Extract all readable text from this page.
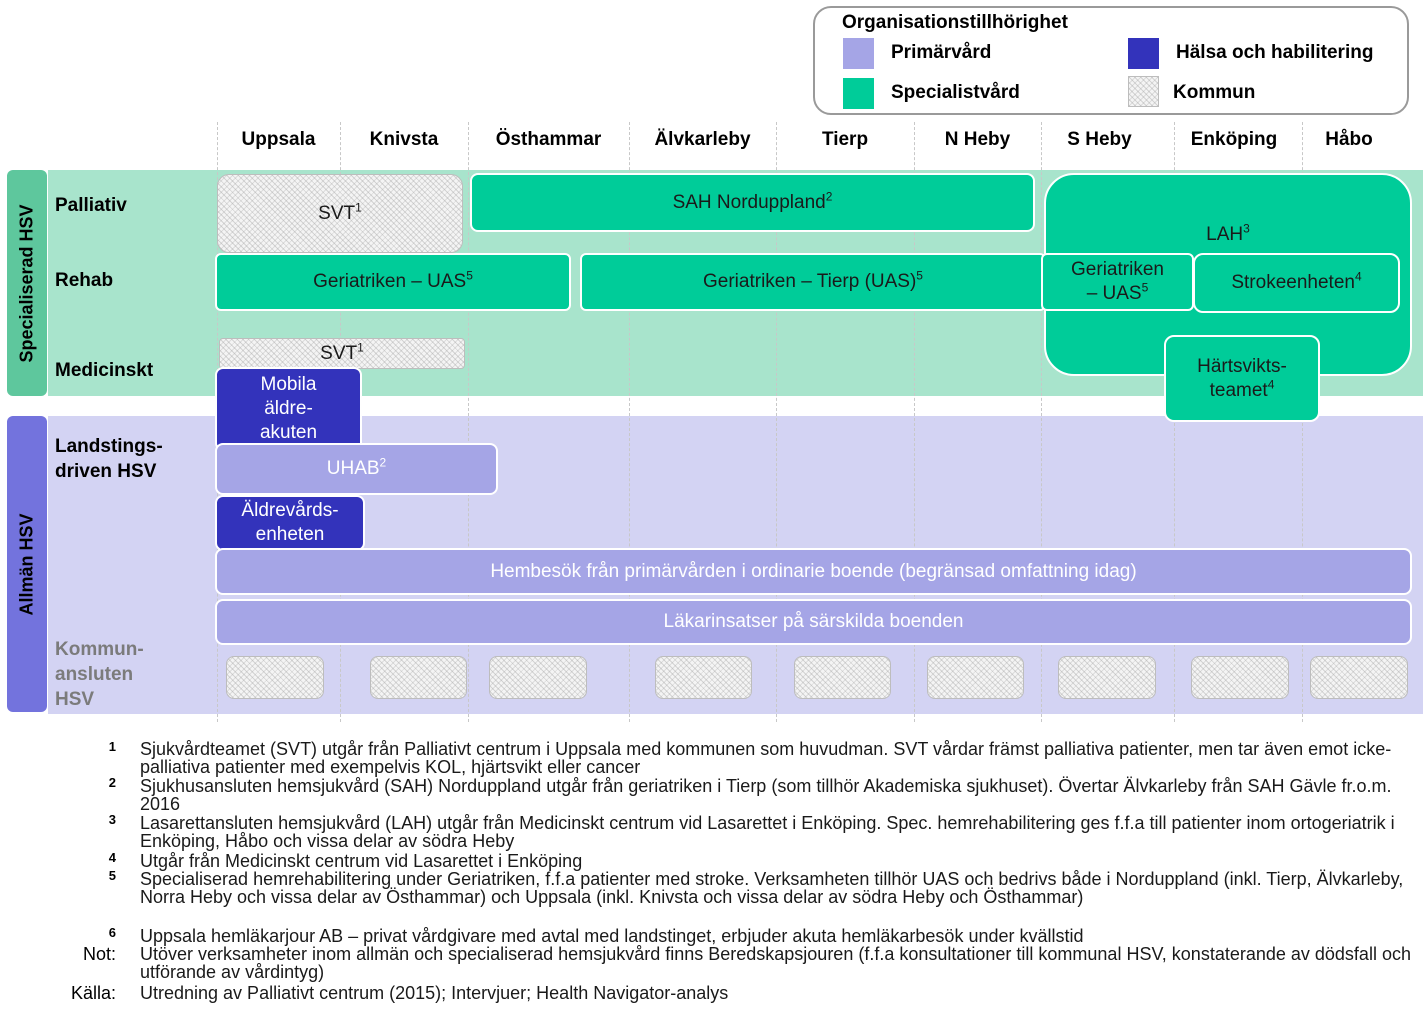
Organisationstillhörighet
Primärvård
Specialistvård
Hälsa och habilitering
Kommun
Specialiserad HSV
Allmän HSV
Uppsala	Knivsta	Östhammar	Älvkarleby	Tierp	N Heby	S Heby	Enköping	Håbo
Palliativ
Rehab
Medicinskt
Landstings-
driven HSV
Kommun-
ansluten
HSV
LAH$^3$
SVT$^1$	SAH Norduppland$^2$
Geriatriken – UAS$^5$	Geriatriken – Tierp (UAS)$^5$	Geriatriken
– UAS$^5$	Strokeenheten$^4$
SVT$^1$
Härtsvikts-
teamet$^4$
Mobila
äldre-
akuten
UHAB$^2$
Äldrevårds-
enheten
Hembesök från primärvården i ordinarie boende (begränsad omfattning idag)
Läkarinsatser på särskilda boenden
1 Sjukvårdteamet (SVT) utgår från Palliativt centrum i Uppsala med kommunen som huvudman. SVT vårdar främst palliativa patienter, men tar även emot icke-palliativa patienter med exempelvis KOL, hjärtsvikt eller cancer
2 Sjukhusansluten hemsjukvård (SAH) Norduppland utgår från geriatriken i Tierp (som tillhör Akademiska sjukhuset). Övertar Älvkarleby från SAH Gävle fr.o.m. 2016
3 Lasarettansluten hemsjukvård (LAH) utgår från Medicinskt centrum vid Lasarettet i Enköping. Spec. hemrehabilitering ges f.f.a till patienter inom ortogeriatrik i Enköping, Håbo och vissa delar av södra Heby
4 Utgår från Medicinskt centrum vid Lasarettet i Enköping
5 Specialiserad hemrehabilitering under Geriatriken, f.f.a patienter med stroke. Verksamheten tillhör UAS och bedrivs både i Norduppland (inkl. Tierp, Älvkarleby, Norra Heby och vissa delar av Östhammar) och Uppsala (inkl. Knivsta och vissa delar av södra Heby och Östhammar)
6 Uppsala hemläkarjour AB – privat vårdgivare med avtal med landstinget, erbjuder akuta hemläkarbesök under kvällstid
Not: Utöver verksamheter inom allmän och specialiserad hemsjukvård finns Beredskapsjouren (f.f.a konsultationer till kommunal HSV, konstaterande av dödsfall och utförande av vårdintyg)
Källa: Utredning av Palliativt centrum (2015); Intervjuer; Health Navigator-analys
